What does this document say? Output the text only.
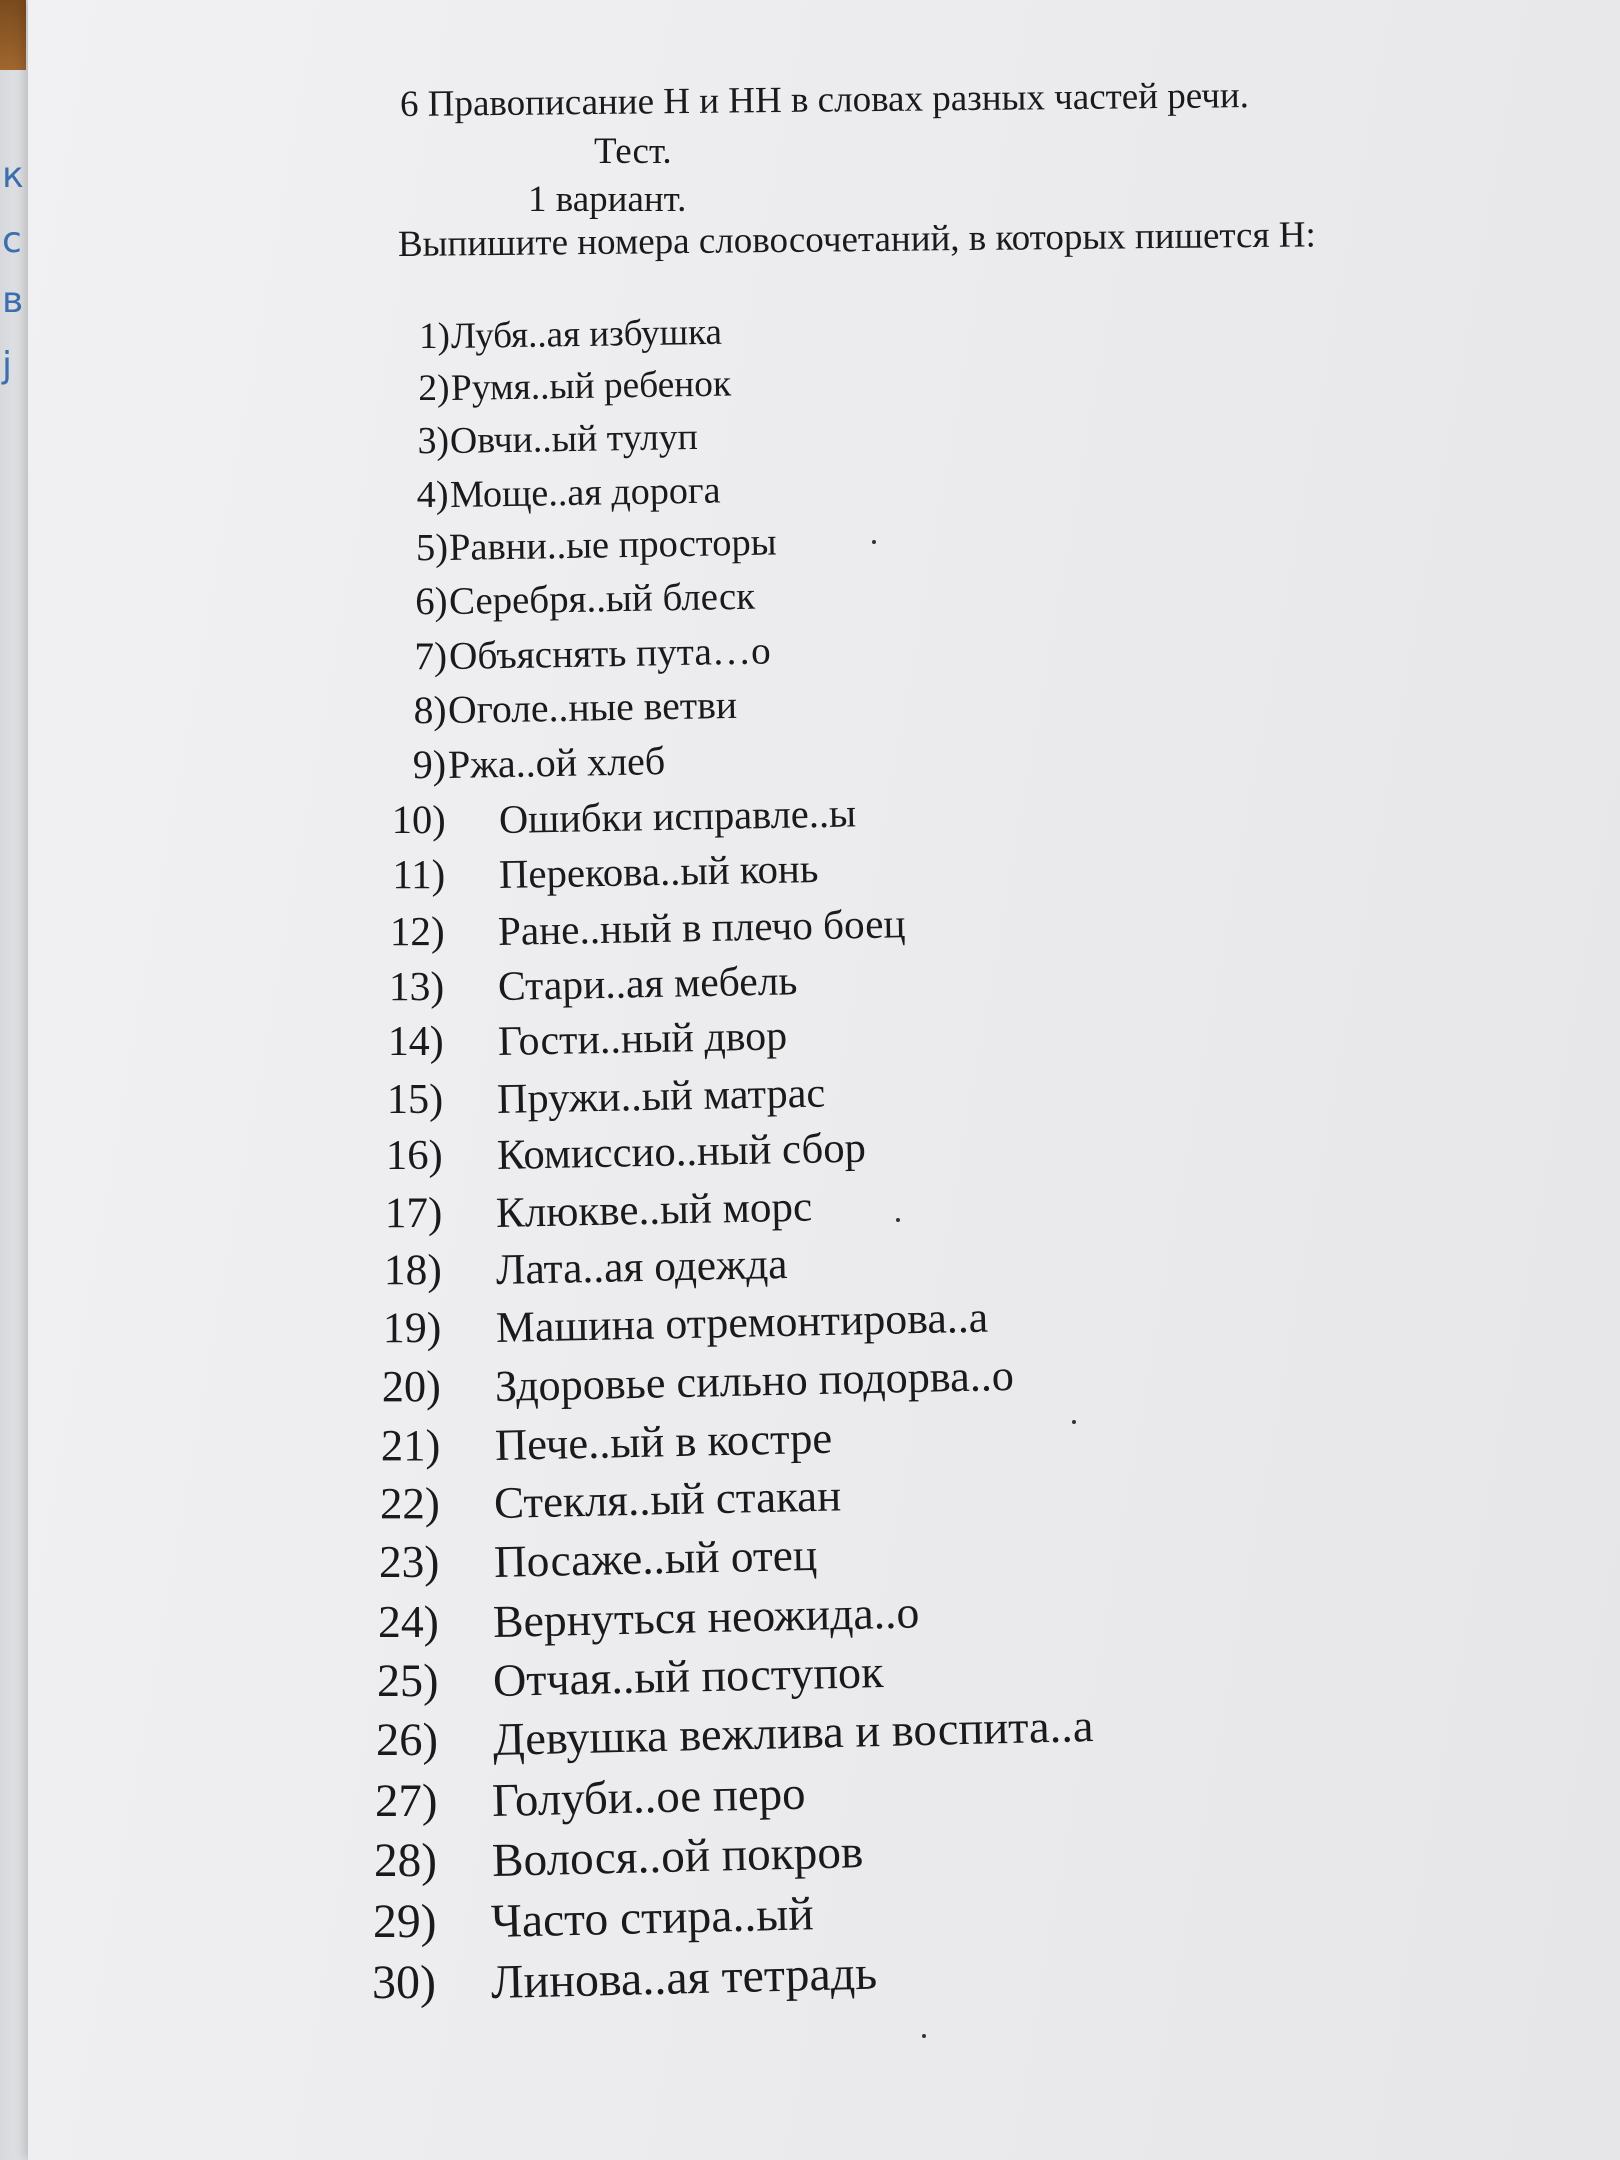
к
с
в
ј
6 Правописание Н и НН в словах разных частей речи.
Тест.
1 вариант.
Выпишите номера словосочетаний, в которых пишется Н:
1) Лубя..ая избушка
2) Румя..ый ребенок
3) Овчи..ый тулуп
4) Моще..ая дорога
5) Равни..ые просторы
6) Серебря..ый блеск
7) Объяснять пута…о
8) Оголе..ные ветви
9) Ржа..ой хлеб
10) Ошибки исправле..ы
11) Перекова..ый конь
12) Ране..ный в плечо боец
13) Стари..ая мебель
14) Гости..ный двор
15) Пружи..ый матрас
16) Комиссио..ный сбор
17) Клюкве..ый морс
18) Лата..ая одежда
19) Машина отремонтирова..а
20) Здоровье сильно подорва..о
21) Пече..ый в костре
22) Стекля..ый стакан
23) Посаже..ый отец
24) Вернуться неожида..о
25) Отчая..ый поступок
26) Девушка вежлива и воспита..а
27) Голуби..ое перо
28) Волося..ой покров
29) Часто стира..ый
30) Линова..ая тетрадь
